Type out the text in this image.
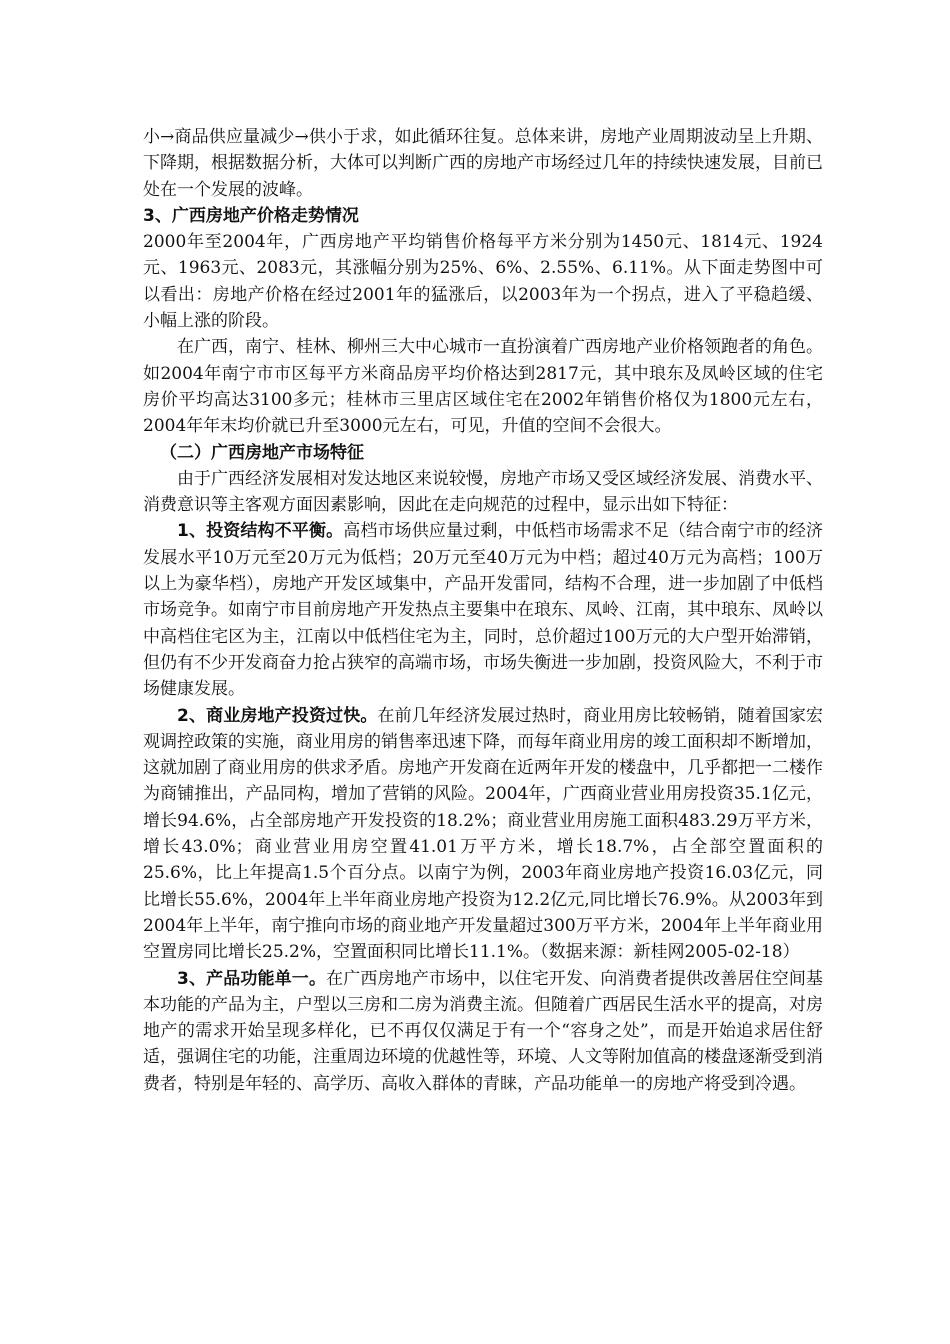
小→商品供应量减少→供小于求，如此循环往复。总体来讲，房地产业周期波动呈上升期、下降期，根据数据分析，大体可以判断广西的房地产市场经过几年的持续快速发展，目前已处在一个发展的波峰。

3、广西房地产价格走势情况

2000年至2004年，广西房地产平均销售价格每平方米分别为1450元、1814元、1924元、1963元、2083元，其涨幅分别为25%、6%、2.55%、6.11%。从下面走势图中可以看出：房地产价格在经过2001年的猛涨后，以2003年为一个拐点，进入了平稳趋缓、小幅上涨的阶段。

在广西，南宁、桂林、柳州三大中心城市一直扮演着广西房地产业价格领跑者的角色。如2004年南宁市市区每平方米商品房平均价格达到2817元，其中琅东及凤岭区域的住宅房价平均高达3100多元；桂林市三里店区域住宅在2002年销售价格仅为1800元左右，2004年年末均价就已升至3000元左右，可见，升值的空间不会很大。

（二）广西房地产市场特征

由于广西经济发展相对发达地区来说较慢，房地产市场又受区域经济发展、消费水平、消费意识等主客观方面因素影响，因此在走向规范的过程中，显示出如下特征：

1、投资结构不平衡。高档市场供应量过剩，中低档市场需求不足（结合南宁市的经济发展水平10万元至20万元为低档；20万元至40万元为中档；超过40万元为高档；100万以上为豪华档），房地产开发区域集中，产品开发雷同，结构不合理，进一步加剧了中低档市场竞争。如南宁市目前房地产开发热点主要集中在琅东、凤岭、江南，其中琅东、凤岭以中高档住宅区为主，江南以中低档住宅为主，同时，总价超过100万元的大户型开始滞销，但仍有不少开发商奋力抢占狭窄的高端市场，市场失衡进一步加剧，投资风险大，不利于市场健康发展。

2、商业房地产投资过快。在前几年经济发展过热时，商业用房比较畅销，随着国家宏观调控政策的实施，商业用房的销售率迅速下降，而每年商业用房的竣工面积却不断增加，这就加剧了商业用房的供求矛盾。房地产开发商在近两年开发的楼盘中，几乎都把一二楼作为商铺推出，产品同构，增加了营销的风险。2004年，广西商业营业用房投资35.1亿元，增长94.6%，占全部房地产开发投资的18.2%；商业营业用房施工面积483.29万平方米，增长43.0%；商业营业用房空置41.01万平方米，增长18.7%，占全部空置面积的25.6%，比上年提高1.5个百分点。以南宁为例，2003年商业房地产投资16.03亿元，同比增长55.6%，2004年上半年商业房地产投资为12.2亿元,同比增长76.9%。从2003年到2004年上半年，南宁推向市场的商业地产开发量超过300万平方米，2004年上半年商业用空置房同比增长25.2%，空置面积同比增长11.1%。（数据来源：新桂网2005-02-18）

3、产品功能单一。在广西房地产市场中，以住宅开发、向消费者提供改善居住空间基本功能的产品为主，户型以三房和二房为消费主流。但随着广西居民生活水平的提高，对房地产的需求开始呈现多样化，已不再仅仅满足于有一个“容身之处”，而是开始追求居住舒适，强调住宅的功能，注重周边环境的优越性等，环境、人文等附加值高的楼盘逐渐受到消费者，特别是年轻的、高学历、高收入群体的青睐，产品功能单一的房地产将受到冷遇。
